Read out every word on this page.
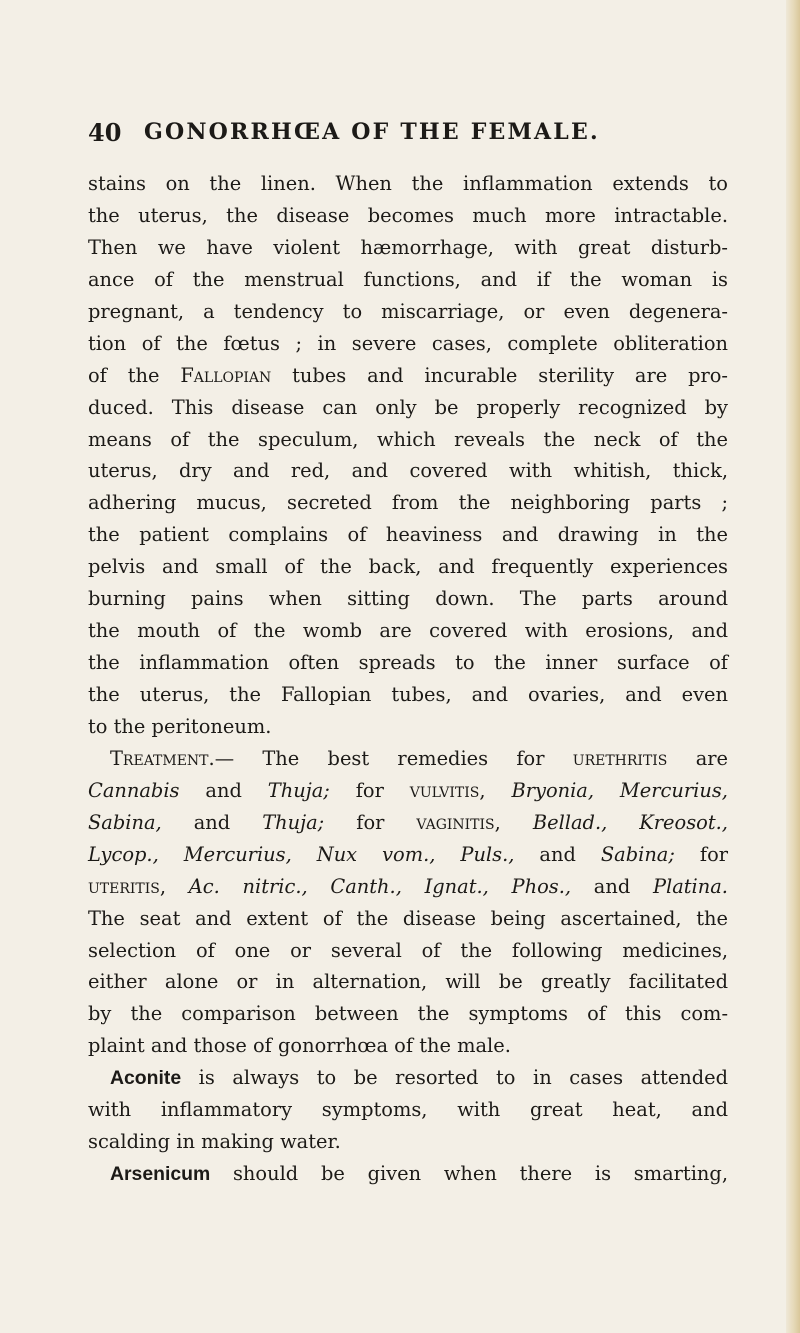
40 GONORRHŒA OF THE FEMALE.
stains on the linen. When the inflammation extends to
the uterus, the disease becomes much more intractable.
Then we have violent hæmorrhage, with great disturb-
ance of the menstrual functions, and if the woman is
pregnant, a tendency to miscarriage, or even degenera-
tion of the fœtus ; in severe cases, complete obliteration
of the Fallopian tubes and incurable sterility are pro-
duced. This disease can only be properly recognized by
means of the speculum, which reveals the neck of the
uterus, dry and red, and covered with whitish, thick,
adhering mucus, secreted from the neighboring parts ;
the patient complains of heaviness and drawing in the
pelvis and small of the back, and frequently experiences
burning pains when sitting down. The parts around
the mouth of the womb are covered with erosions, and
the inflammation often spreads to the inner surface of
the uterus, the Fallopian tubes, and ovaries, and even
to the peritoneum.
Treatment.— The best remedies for urethritis are
Cannabis and Thuja; for vulvitis, Bryonia, Mercurius,
Sabina, and Thuja; for vaginitis, Bellad., Kreosot.,
Lycop., Mercurius, Nux vom., Puls., and Sabina; for
uteritis, Ac. nitric., Canth., Ignat., Phos., and Platina.
The seat and extent of the disease being ascertained, the
selection of one or several of the following medicines,
either alone or in alternation, will be greatly facilitated
by the comparison between the symptoms of this com-
plaint and those of gonorrhœa of the male.
Aconite is always to be resorted to in cases attended
with inflammatory symptoms, with great heat, and
scalding in making water.
Arsenicum should be given when there is smarting,
